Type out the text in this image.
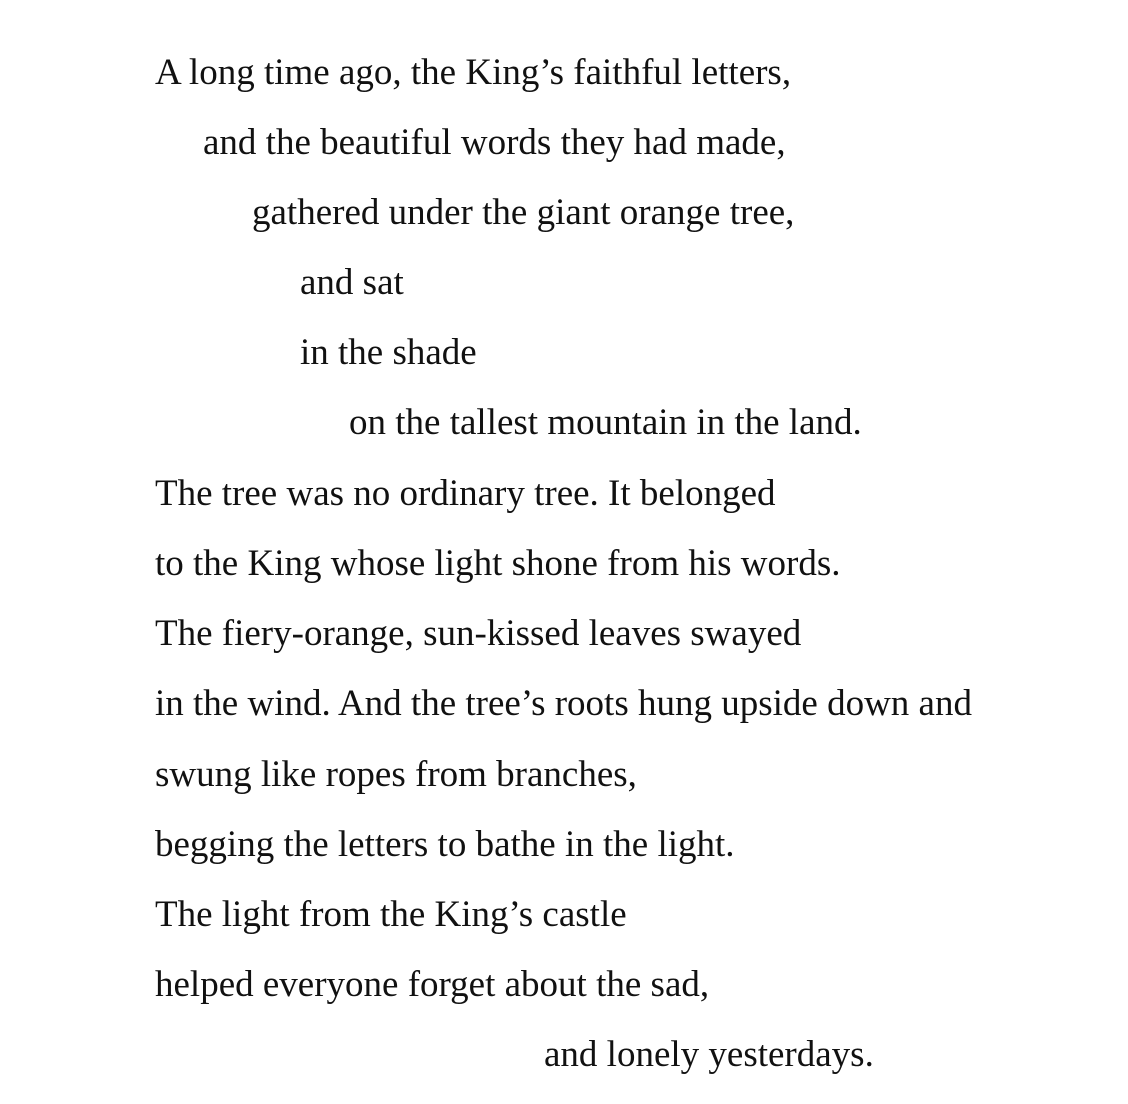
A long time ago, the King’s faithful letters,
and the beautiful words they had made,
gathered under the giant orange tree,
and sat
in the shade
on the tallest mountain in the land.
The tree was no ordinary tree. It belonged
to the King whose light shone from his words.
The fiery-orange, sun-kissed leaves swayed
in the wind. And the tree’s roots hung upside down and
swung like ropes from branches,
begging the letters to bathe in the light.
The light from the King’s castle
helped everyone forget about the sad,
and lonely yesterdays.
